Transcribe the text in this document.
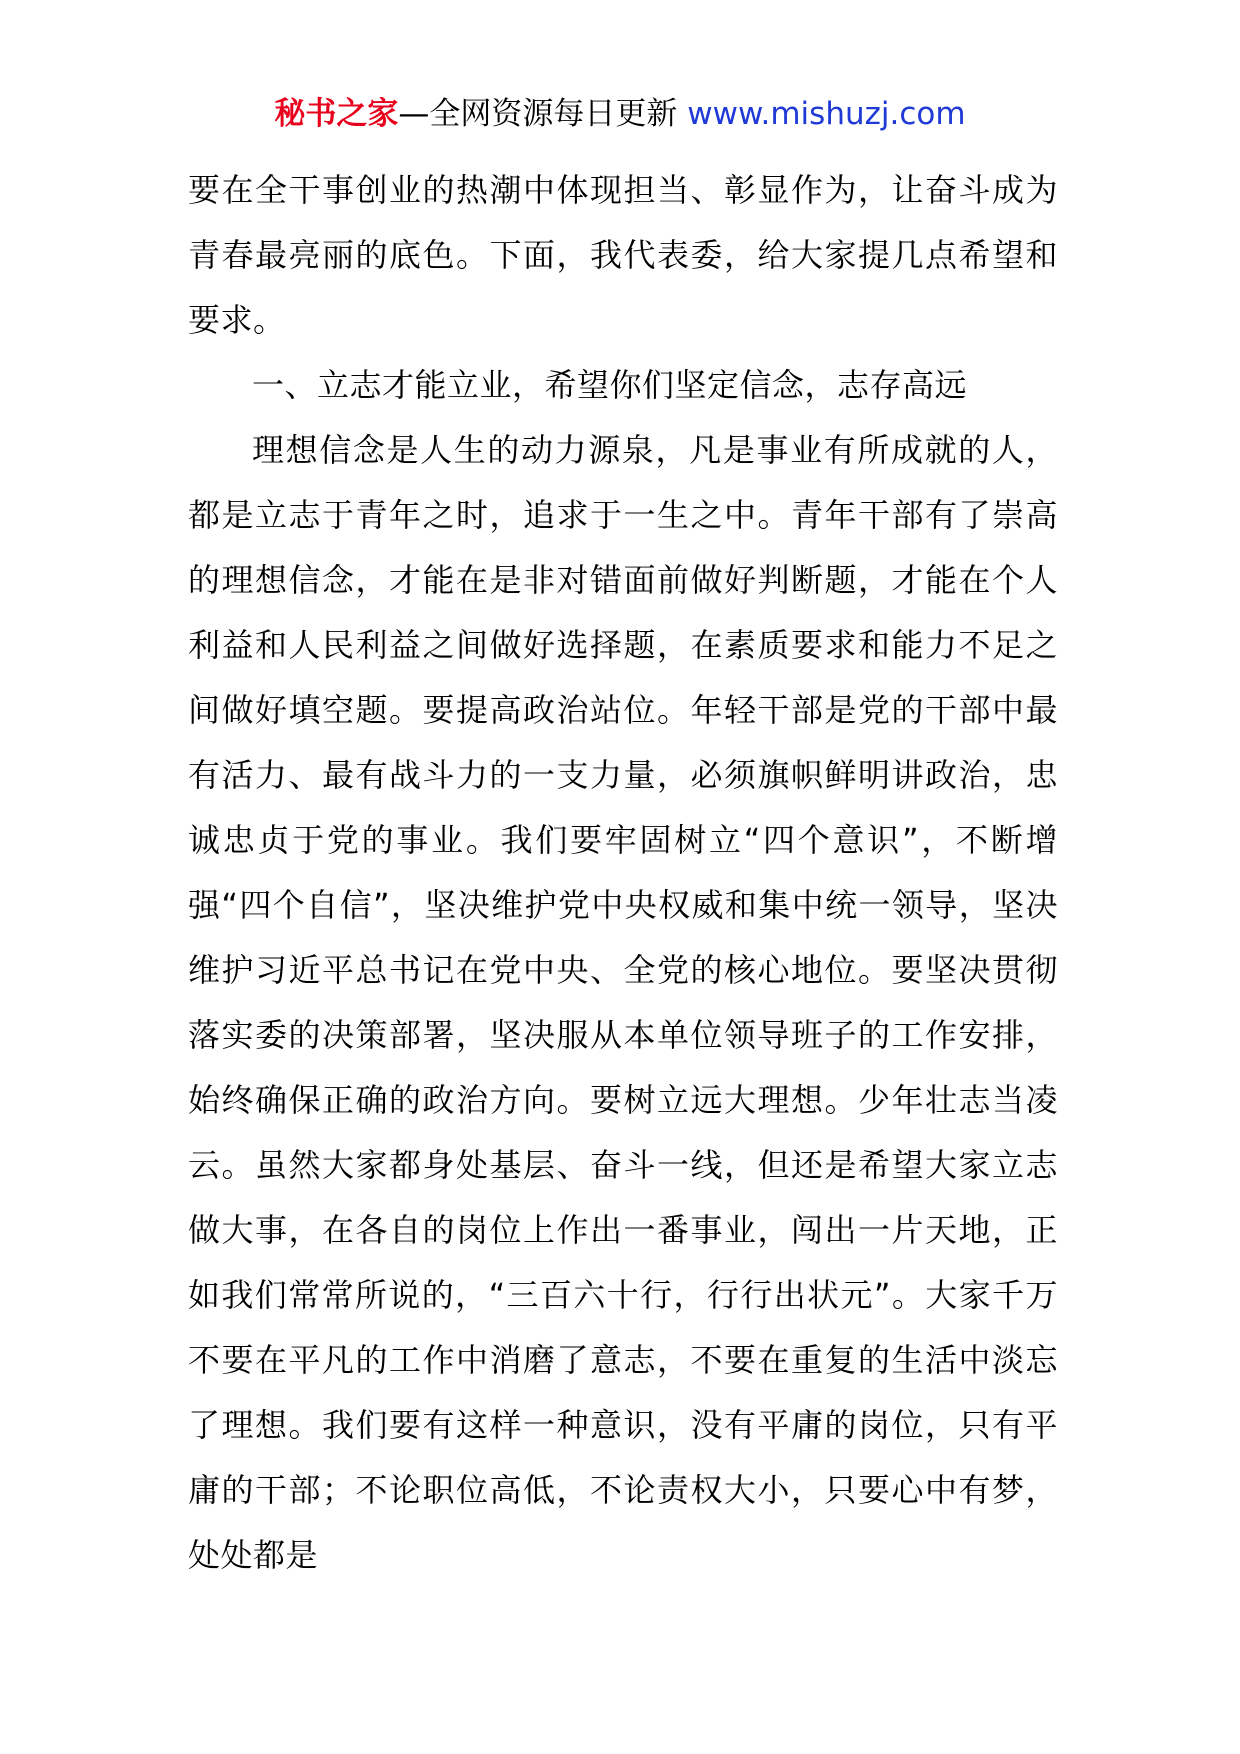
秘书之家—全网资源每日更新 www.mishuzj.com

要在全干事创业的热潮中体现担当、彰显作为，让奋斗成为青春最亮丽的底色。下面，我代表委，给大家提几点希望和要求。

一、立志才能立业，希望你们坚定信念，志存高远

理想信念是人生的动力源泉，凡是事业有所成就的人，都是立志于青年之时，追求于一生之中。青年干部有了崇高的理想信念，才能在是非对错面前做好判断题，才能在个人利益和人民利益之间做好选择题，在素质要求和能力不足之间做好填空题。要提高政治站位。年轻干部是党的干部中最有活力、最有战斗力的一支力量，必须旗帜鲜明讲政治，忠诚忠贞于党的事业。我们要牢固树立“四个意识”，不断增强“四个自信”，坚决维护党中央权威和集中统一领导，坚决维护习近平总书记在党中央、全党的核心地位。要坚决贯彻落实委的决策部署，坚决服从本单位领导班子的工作安排，始终确保正确的政治方向。要树立远大理想。少年壮志当凌云。虽然大家都身处基层、奋斗一线，但还是希望大家立志做大事，在各自的岗位上作出一番事业，闯出一片天地，正如我们常常所说的，“三百六十行，行行出状元”。大家千万不要在平凡的工作中消磨了意志，不要在重复的生活中淡忘了理想。我们要有这样一种意识，没有平庸的岗位，只有平庸的干部；不论职位高低，不论责权大小，只要心中有梦，处处都是
